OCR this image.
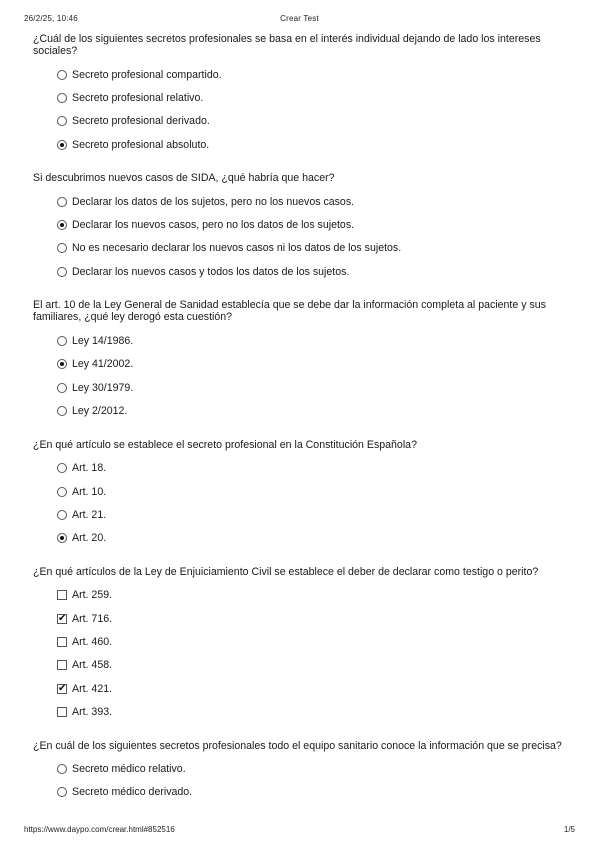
26/2/25, 10:46	Crear Test

¿Cuál de los siguientes secretos profesionales se basa en el interés individual dejando de lado los intereses sociales?

Secreto profesional compartido.
Secreto profesional relativo.
Secreto profesional derivado.
Secreto profesional absoluto.

Si descubrimos nuevos casos de SIDA, ¿qué habría que hacer?

Declarar los datos de los sujetos, pero no los nuevos casos.
Declarar los nuevos casos, pero no los datos de los sujetos.
No es necesario declarar los nuevos casos ni los datos de los sujetos.
Declarar los nuevos casos y todos los datos de los sujetos.

El art. 10 de la Ley General de Sanidad establecía que se debe dar la información completa al paciente y sus familiares, ¿qué ley derogó esta cuestión?

Ley 14/1986.
Ley 41/2002.
Ley 30/1979.
Ley 2/2012.

¿En qué artículo se establece el secreto profesional en la Constitución Española?

Art. 18.
Art. 10.
Art. 21.
Art. 20.

¿En qué artículos de la Ley de Enjuiciamiento Civil se establece el deber de declarar como testigo o perito?

Art. 259.
✔ Art. 716.
Art. 460.
Art. 458.
✔ Art. 421.
Art. 393.

¿En cuál de los siguientes secretos profesionales todo el equipo sanitario conoce la información que se precisa?

Secreto médico relativo.
Secreto médico derivado.
https://www.daypo.com/crear.html#852516	1/5
